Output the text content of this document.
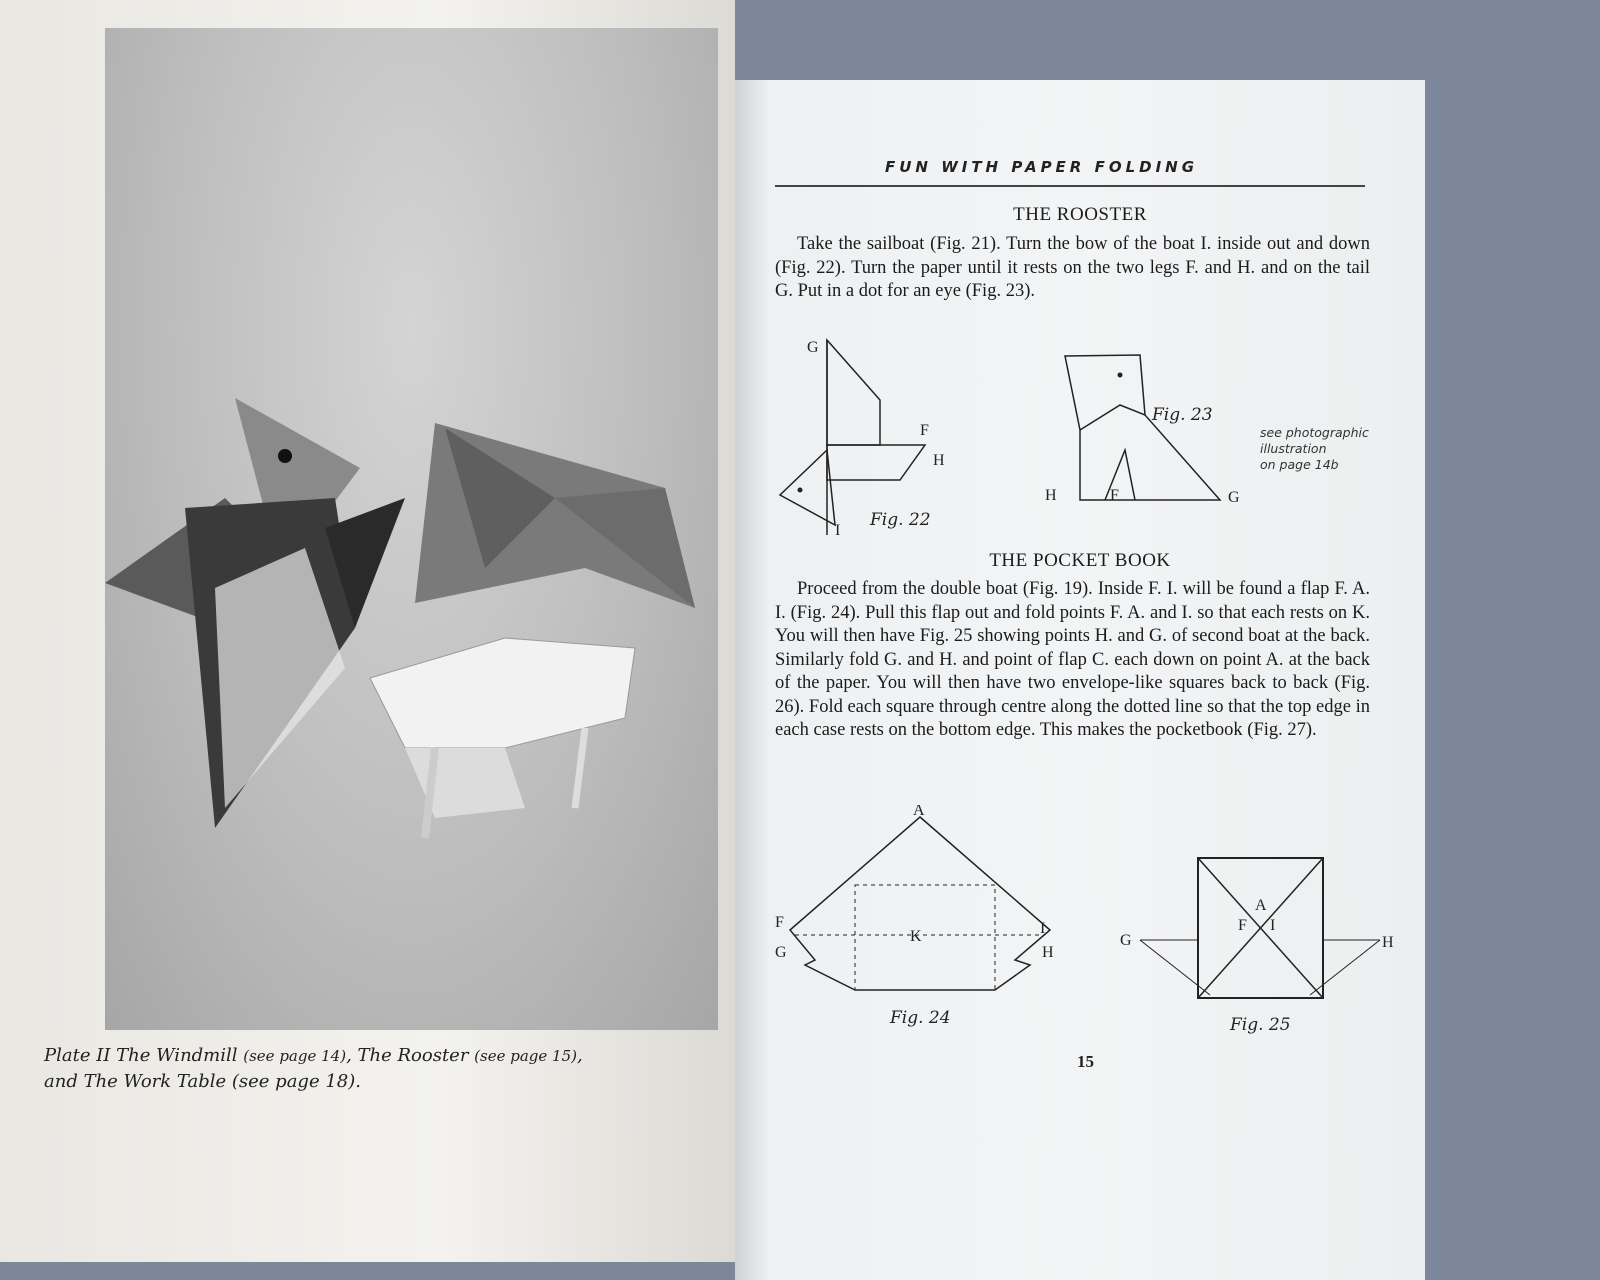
Plate II The Windmill (see page 14), The Rooster (see page 15),
and The Work Table (see page 18).
FUN WITH PAPER FOLDING
THE ROOSTER

Take the sailboat (Fig. 21). Turn the bow of the boat I. inside out and down (Fig. 22). Turn the paper until it rests on the two legs F. and H. and on the tail G. Put in a dot for an eye (Fig. 23).

G
F
H
I
Fig. 22
H	F	G
Fig. 23
see photographic
illustration
on page 14b
THE POCKET BOOK

Proceed from the double boat (Fig. 19). Inside F. I. will be found a flap F. A. I. (Fig. 24). Pull this flap out and fold points F. A. and I. so that each rests on K. You will then have Fig. 25 showing points H. and G. of second boat at the back. Similarly fold G. and H. and point of flap C. each down on point A. at the back of the paper. You will then have two envelope-like squares back to back (Fig. 26). Fold each square through centre along the dotted line so that the top edge in each case rests on the bottom edge. This makes the pocketbook (Fig. 27).

A
F
G
K	I
H
Fig. 24
A
F I
G	H
Fig. 25
15
